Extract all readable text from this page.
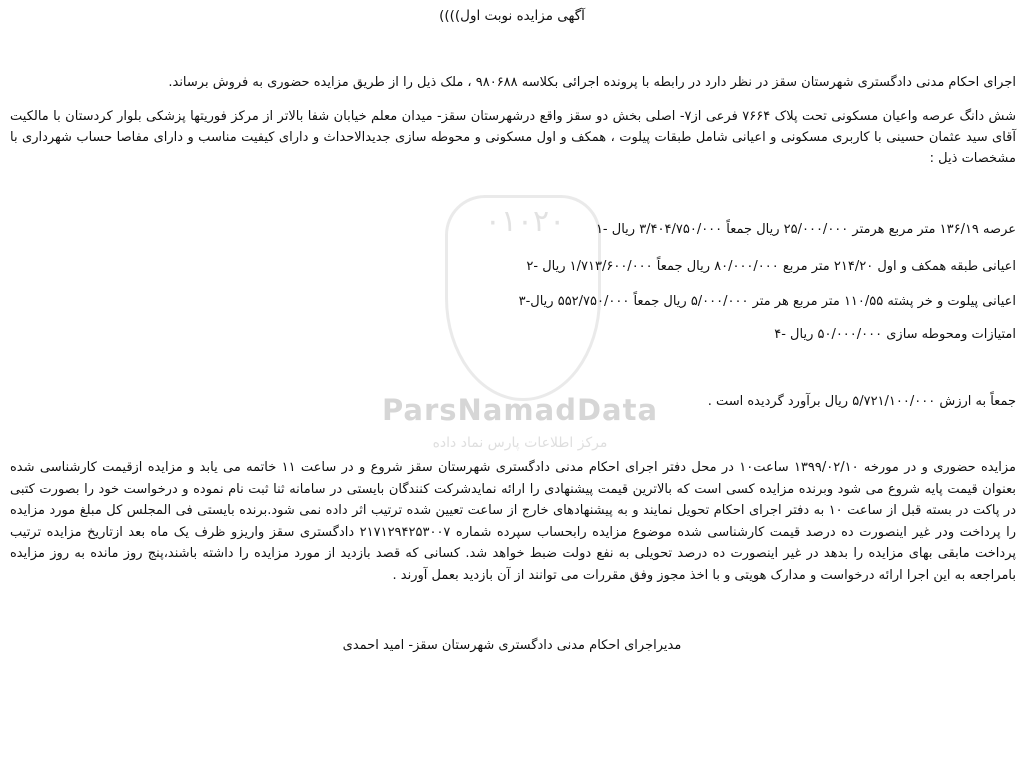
۰۱۰۲۰
ParsNamadData
مرکز اطلاعات پارس نماد داده
آگهی مزایده نوبت اول))))
اجرای احکام مدنی دادگستری شهرستان سقز در نظر دارد در رابطه با پرونده اجرائی بکلاسه ۹۸۰۶۸۸ ، ملک ذیل را از طریق مزایده حضوری به فروش برساند.
شش دانگ عرصه واعیان مسکونی تحت پلاک ۷۶۶۴ فرعی از۷- اصلی بخش دو سقز واقع درشهرستان سقز- میدان معلم خیابان شفا بالاتر از مرکز فوریتها پزشکی بلوار کردستان با مالکیت آقای سید عثمان حسینی با کاربری مسکونی و اعیانی شامل طبقات پیلوت ، همکف و اول مسکونی و محوطه سازی جدیدالاحداث و دارای کیفیت مناسب و دارای مفاصا حساب شهرداری با مشخصات ذیل :
عرصه ۱۳۶/۱۹ متر مربع هرمتر ۲۵/۰۰۰/۰۰۰ ریال جمعاً ۳/۴۰۴/۷۵۰/۰۰۰ ریال -۱
اعیانی طبقه همکف و اول ۲۱۴/۲۰ متر مربع ۸۰/۰۰۰/۰۰۰ ریال جمعاً ۱/۷۱۳/۶۰۰/۰۰۰ ریال -۲
اعیانی پیلوت و خر پشته ۱۱۰/۵۵ متر مربع هر متر ۵/۰۰۰/۰۰۰ ریال جمعاً ۵۵۲/۷۵۰/۰۰۰ ریال-۳
امتیازات ومحوطه سازی ۵۰/۰۰۰/۰۰۰ ریال -۴
جمعاً به ارزش ۵/۷۲۱/۱۰۰/۰۰۰ ریال برآورد گردیده است .
مزایده حضوری و در مورخه ۱۳۹۹/۰۲/۱۰ ساعت۱۰ در محل دفتر اجرای احکام مدنی دادگستری شهرستان سقز شروع و در ساعت ۱۱ خاتمه می یابد و مزایده ازقیمت کارشناسی شده بعنوان قیمت پایه شروع می شود وبرنده مزایده کسی است که بالاترین قیمت پیشنهادی را ارائه نمایدشرکت کنندگان بایستی در سامانه ثنا ثبت نام نموده و درخواست خود را بصورت کتبی در پاکت در بسته قبل از ساعت ۱۰ به دفتر اجرای احکام تحویل نمایند و به پیشنهادهای خارج از ساعت تعیین شده ترتیب اثر داده نمی شود.برنده بایستی فی المجلس کل مبلغ مورد مزایده را پرداخت ودر غیر اینصورت ده درصد قیمت کارشناسی شده موضوع مزایده رابحساب سپرده شماره ۲۱۷۱۲۹۴۲۵۳۰۰۷ دادگستری سقز واریزو ظرف یک ماه بعد ازتاریخ مزایده ترتیب پرداخت مابقی بهای مزایده را بدهد در غیر اینصورت ده درصد تحویلی به نفع دولت ضبط خواهد شد. کسانی که قصد بازدید از مورد مزایده را داشته باشند،پنج روز مانده به روز مزایده بامراجعه به این اجرا ارائه درخواست و مدارک هویتی و با اخذ مجوز وفق مقررات می توانند از آن بازدید بعمل آورند .
مدیراجرای احکام مدنی دادگستری شهرستان سقز- امید احمدی
